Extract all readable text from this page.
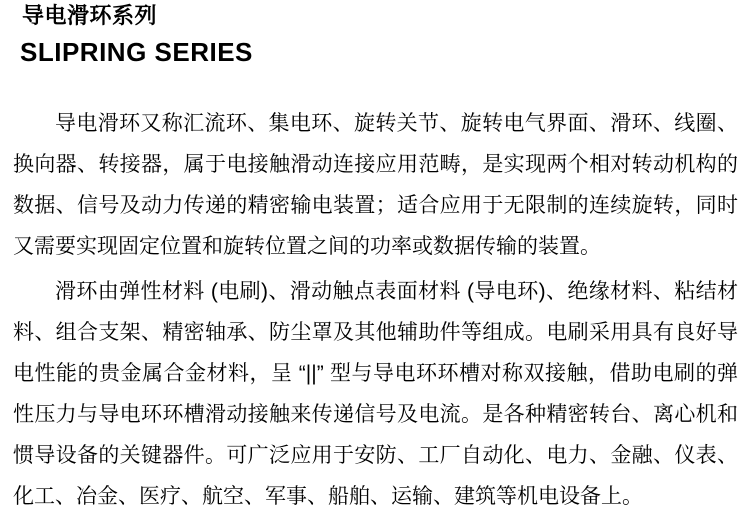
导电滑环系列
SLIPRING SERIES

导电滑环又称汇流环、集电环、旋转关节、旋转电气界面、滑环、线圈、换向器、转接器，属于电接触滑动连接应用范畴，是实现两个相对转动机构的数据、信号及动力传递的精密输电装置；适合应用于无限制的连续旋转，同时又需要实现固定位置和旋转位置之间的功率或数据传输的装置。

滑环由弹性材料 (电刷)、滑动触点表面材料 (导电环)、绝缘材料、粘结材料、组合支架、精密轴承、防尘罩及其他辅助件等组成。电刷采用具有良好导电性能的贵金属合金材料，呈 “||” 型与导电环环槽对称双接触，借助电刷的弹性压力与导电环环槽滑动接触来传递信号及电流。是各种精密转台、离心机和惯导设备的关键器件。可广泛应用于安防、工厂自动化、电力、金融、仪表、化工、冶金、医疗、航空、军事、船舶、运输、建筑等机电设备上。
